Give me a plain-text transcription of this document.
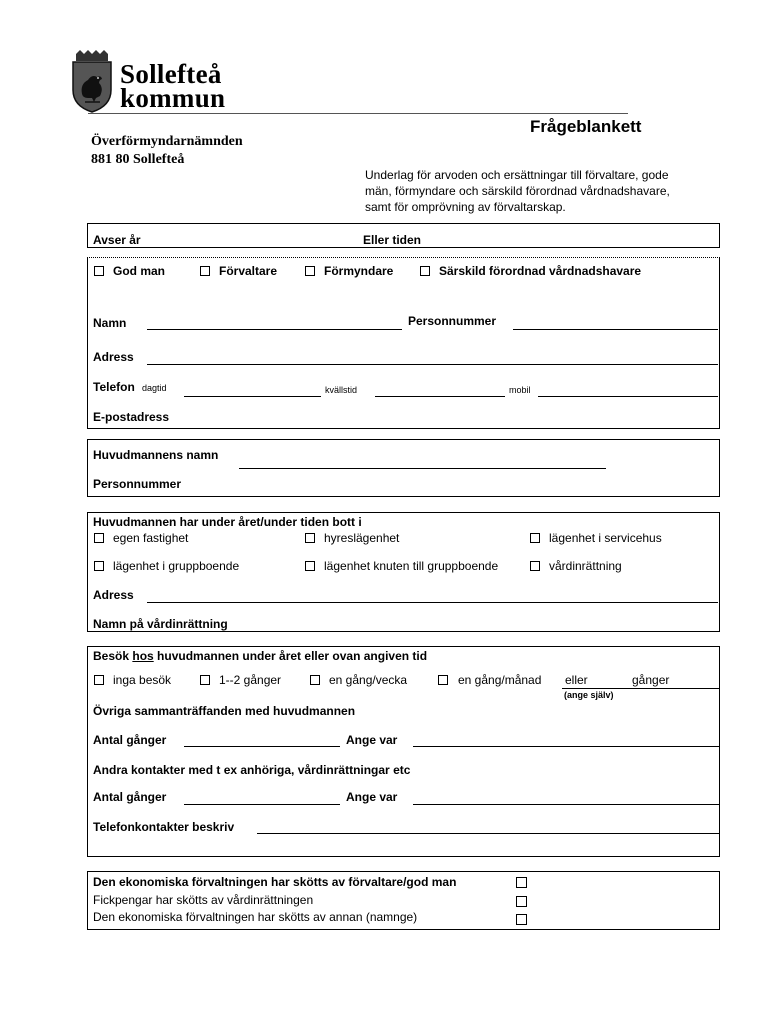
Sollefteå
kommun
Frågeblankett
Överförmyndarnämnden
881 80 Sollefteå
Underlag för arvoden och ersättningar till förvaltare, gode
män, förmyndare och särskild förordnad vårdnadshavare,
samt för omprövning av förvaltarskap.
Avser år	Eller tiden
God man	Förvaltare	Förmyndare	Särskild förordnad vårdnadshavare
Namn	Personnummer
Adress
Telefon dagtid	kvällstid	mobil
E-postadress
Huvudmannens namn
Personnummer
Huvudmannen har under året/under tiden bott i
egen fastighet	hyreslägenhet	lägenhet i servicehus
lägenhet i gruppboende	lägenhet knuten till gruppboende	vårdinrättning
Adress
Namn på vårdinrättning
Besök hos huvudmannen under året eller ovan angiven tid
inga besök	1--2 gånger	en gång/vecka	en gång/månad eller	gånger
(ange själv)
Övriga sammanträffanden med huvudmannen
Antal gånger	Ange var
Andra kontakter med t ex anhöriga, vårdinrättningar etc
Antal gånger	Ange var
Telefonkontakter beskriv
Den ekonomiska förvaltningen har skötts av förvaltare/god man
Fickpengar har skötts av vårdinrättningen
Den ekonomiska förvaltningen har skötts av annan (namnge)
